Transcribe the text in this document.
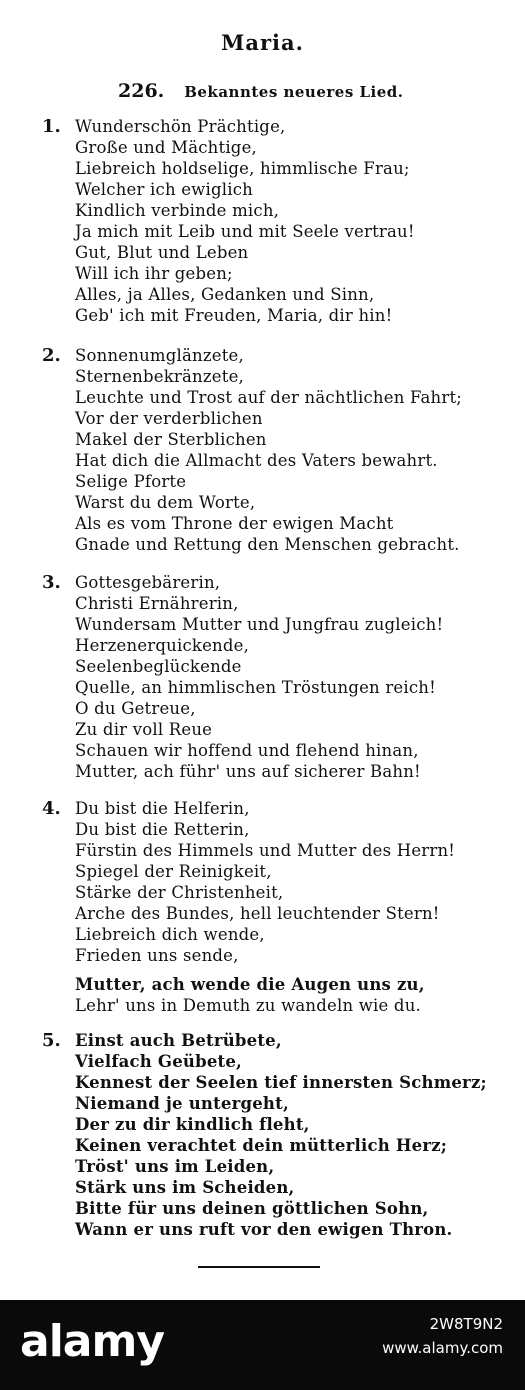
Maria.
226. Bekanntes neueres Lied.
1. Wunderschön Prächtige,
Große und Mächtige,
Liebreich holdselige, himmlische Frau;
Welcher ich ewiglich
Kindlich verbinde mich,
Ja mich mit Leib und mit Seele vertrau!
Gut, Blut und Leben
Will ich ihr geben;
Alles, ja Alles, Gedanken und Sinn,
Geb' ich mit Freuden, Maria, dir hin!
2. Sonnenumglänzete,
Sternenbekränzete,
Leuchte und Trost auf der nächtlichen Fahrt;
Vor der verderblichen
Makel der Sterblichen
Hat dich die Allmacht des Vaters bewahrt.
Selige Pforte
Warst du dem Worte,
Als es vom Throne der ewigen Macht
Gnade und Rettung den Menschen gebracht.
3. Gottesgebärerin,
Christi Ernährerin,
Wundersam Mutter und Jungfrau zugleich!
Herzenerquickende,
Seelenbeglückende
Quelle, an himmlischen Tröstungen reich!
O du Getreue,
Zu dir voll Reue
Schauen wir hoffend und flehend hinan,
Mutter, ach führ' uns auf sicherer Bahn!
4. Du bist die Helferin,
Du bist die Retterin,
Fürstin des Himmels und Mutter des Herrn!
Spiegel der Reinigkeit,
Stärke der Christenheit,
Arche des Bundes, hell leuchtender Stern!
Liebreich dich wende,
Frieden uns sende,
Mutter, ach wende die Augen uns zu,
Lehr' uns in Demuth zu wandeln wie du.
5. Einst auch Betrübete,
Vielfach Geübete,
Kennest der Seelen tief innersten Schmerz;
Niemand je untergeht,
Der zu dir kindlich fleht,
Keinen verachtet dein mütterlich Herz;
Tröst' uns im Leiden,
Stärk uns im Scheiden,
Bitte für uns deinen göttlichen Sohn,
Wann er uns ruft vor den ewigen Thron.
alamy	2W8T9N2
www.alamy.com
